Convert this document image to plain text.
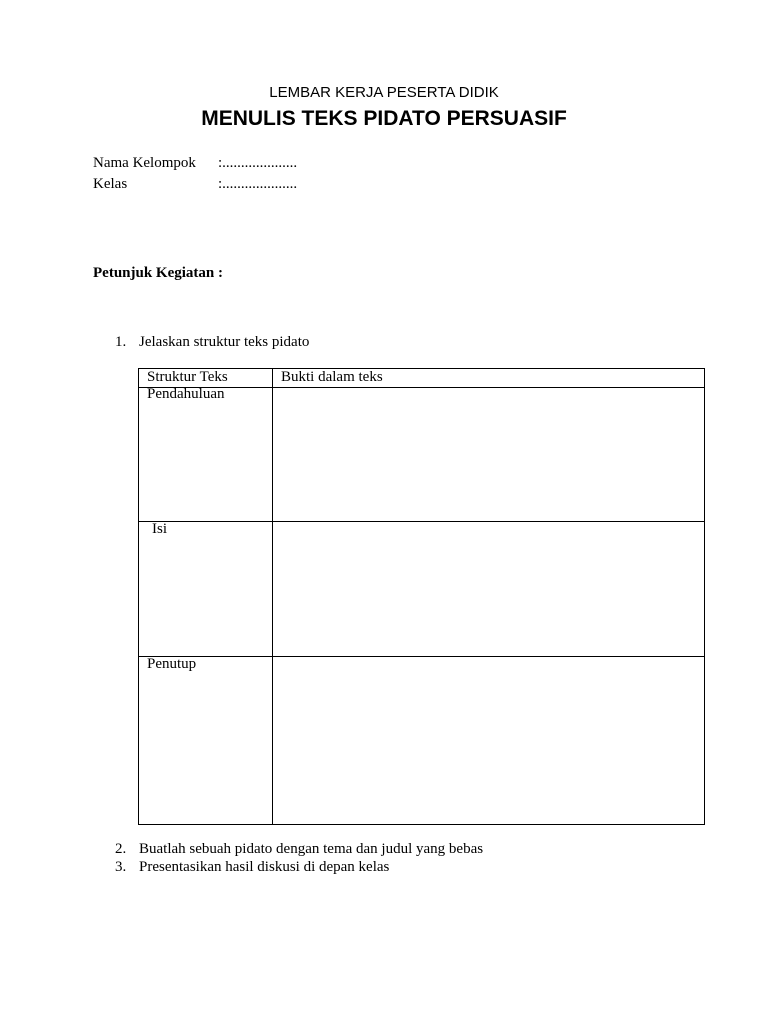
LEMBAR KERJA PESERTA DIDIK
MENULIS TEKS PIDATO PERSUASIF
Nama Kelompok :....................
Kelas	:....................
Petunjuk Kegiatan :
1. Jelaskan struktur teks pidato
Struktur Teks	Bukti dalam teks
Pendahuluan
Isi
Penutup
2. Buatlah sebuah pidato dengan tema dan judul yang bebas
3. Presentasikan hasil diskusi di depan kelas
